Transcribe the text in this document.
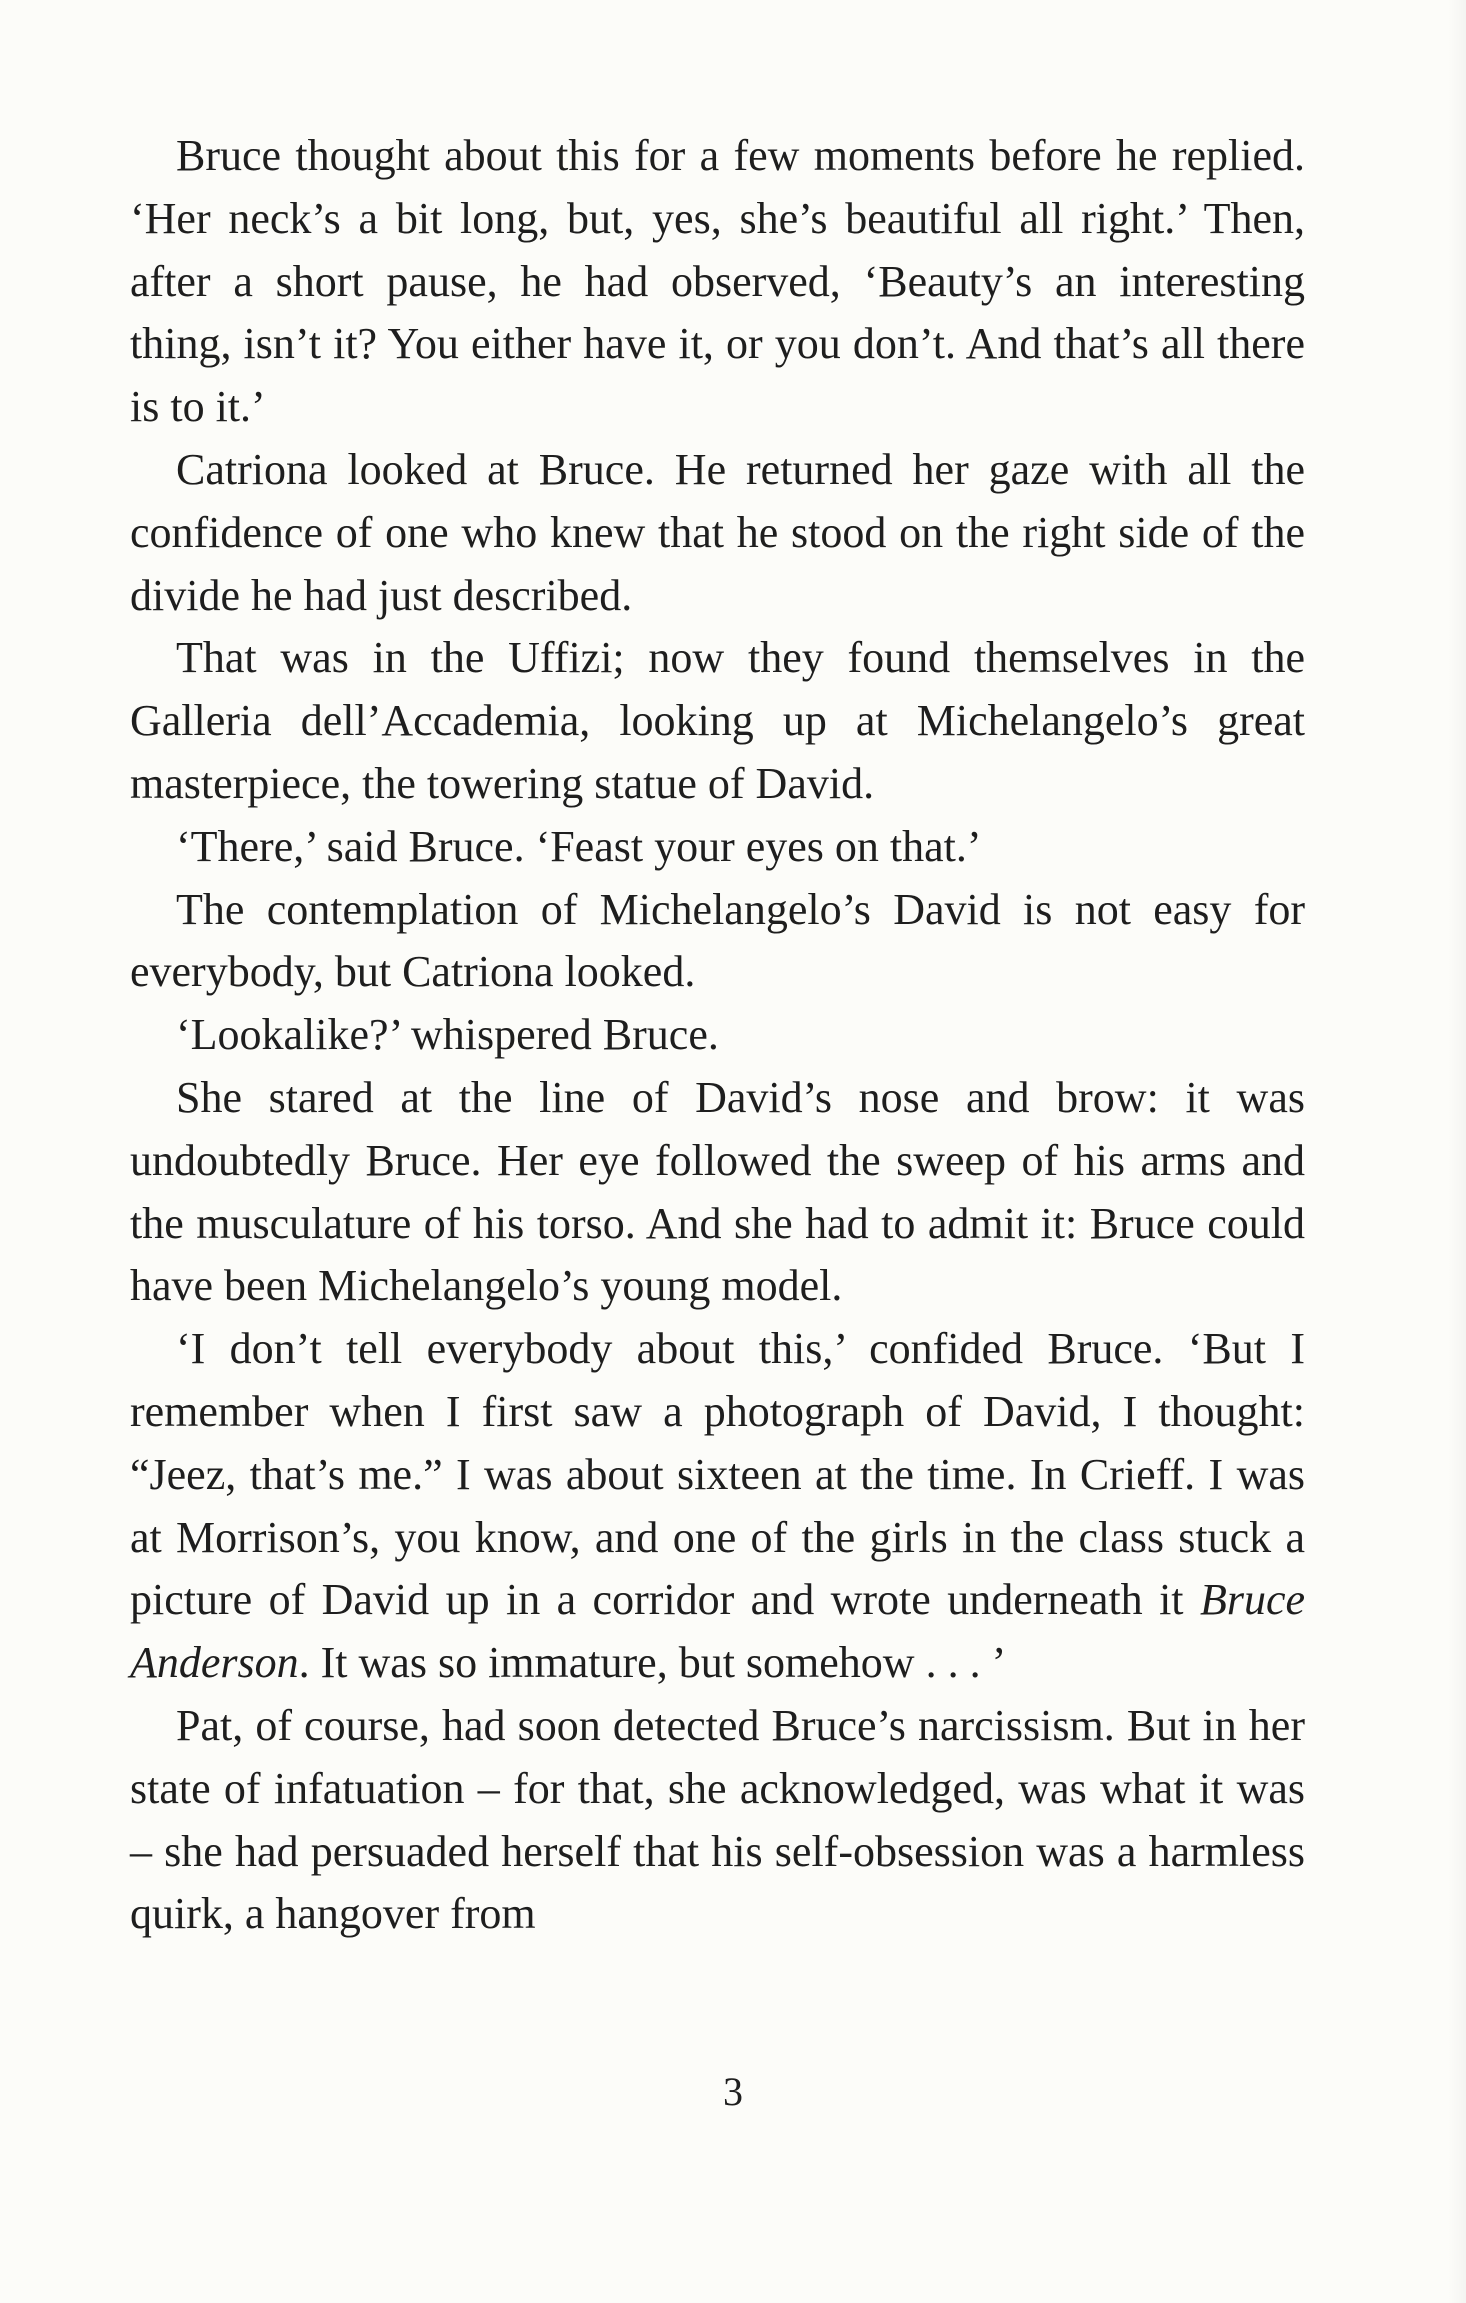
Bruce thought about this for a few moments before he replied. ‘Her neck’s a bit long, but, yes, she’s beautiful all right.’ Then, after a short pause, he had observed, ‘Beauty’s an interesting thing, isn’t it? You either have it, or you don’t. And that’s all there is to it.’

Catriona looked at Bruce. He returned her gaze with all the confidence of one who knew that he stood on the right side of the divide he had just described.

That was in the Uffizi; now they found themselves in the Galleria dell’Accademia, looking up at Michelangelo’s great masterpiece, the towering statue of David.

‘There,’ said Bruce. ‘Feast your eyes on that.’

The contemplation of Michelangelo’s David is not easy for everybody, but Catriona looked.

‘Lookalike?’ whispered Bruce.

She stared at the line of David’s nose and brow: it was undoubtedly Bruce. Her eye followed the sweep of his arms and the musculature of his torso. And she had to admit it: Bruce could have been Michelangelo’s young model.

‘I don’t tell everybody about this,’ confided Bruce. ‘But I remember when I first saw a photograph of David, I thought: “Jeez, that’s me.” I was about sixteen at the time. In Crieff. I was at Morrison’s, you know, and one of the girls in the class stuck a picture of David up in a corridor and wrote underneath it Bruce Anderson. It was so immature, but somehow . . . ’

Pat, of course, had soon detected Bruce’s narcissism. But in her state of infatuation – for that, she acknowledged, was what it was – she had persuaded herself that his self-obsession was a harmless quirk, a hangover from

3
